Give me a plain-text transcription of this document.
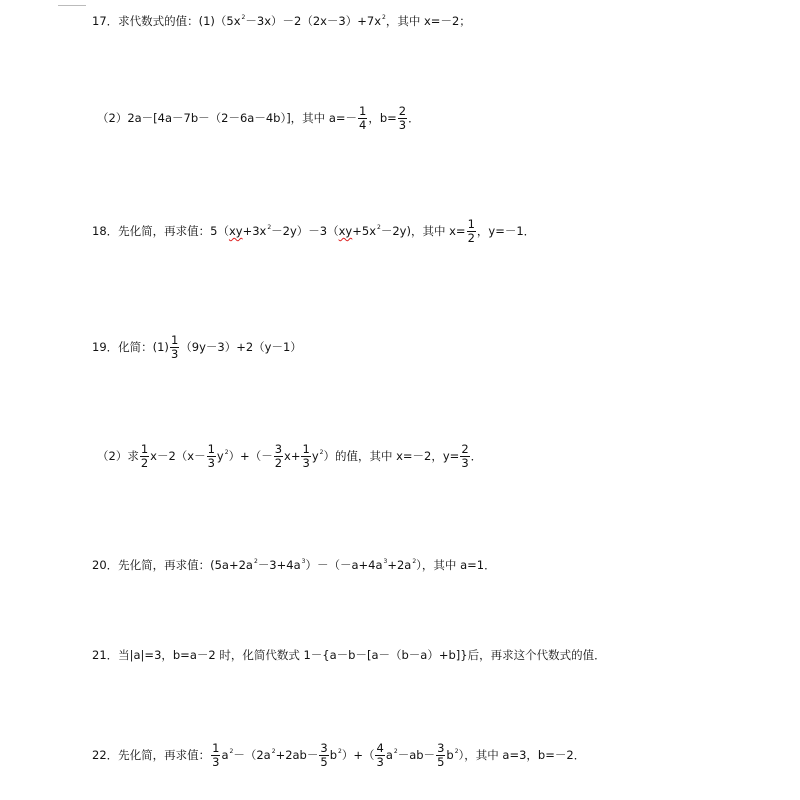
17．求代数式的值：$(1)(5x^2-3x)-2(2x-3)+7x^2$，其中 x=－2；
（2）2a－[4a－7b－（2－6a－4b）]，其中 $a=- \frac{1}{4}$ ，$b= \frac{2}{3}$ ．
18．先化简，再求值：$5(xy+3x^2-2y)-3(xy+5x^2-2y)$，其中 $x= \frac{1}{2}$ ，y=－1．
19．化简：$(1) \frac{1}{3} (9y-3)+2(y-1)$
（2）求 $\frac{1}{2} x-2(x- \frac{1}{3} y^2)+(- \frac{3}{2} x+ \frac{1}{3} y^2)$的值，其中 x=－2，$y= \frac{2}{3}$ ．
20．先化简，再求值：$(5a+2a^2-3+4a^3)-(-a+4a^3+2a^2)$，其中 a=1．
21．当|a|=3，b=a－2 时，化简代数式 1－{a－b－[a－（b－a）+b]}后，再求这个代数式的值．
22．先化简，再求值： $\frac{1}{3} a^2-(2a^2+2ab- \frac{3}{5} b^2)+( \frac{4}{3} a^2-ab- \frac{3}{5} b^2)$，其中 a=3，b=－2．
